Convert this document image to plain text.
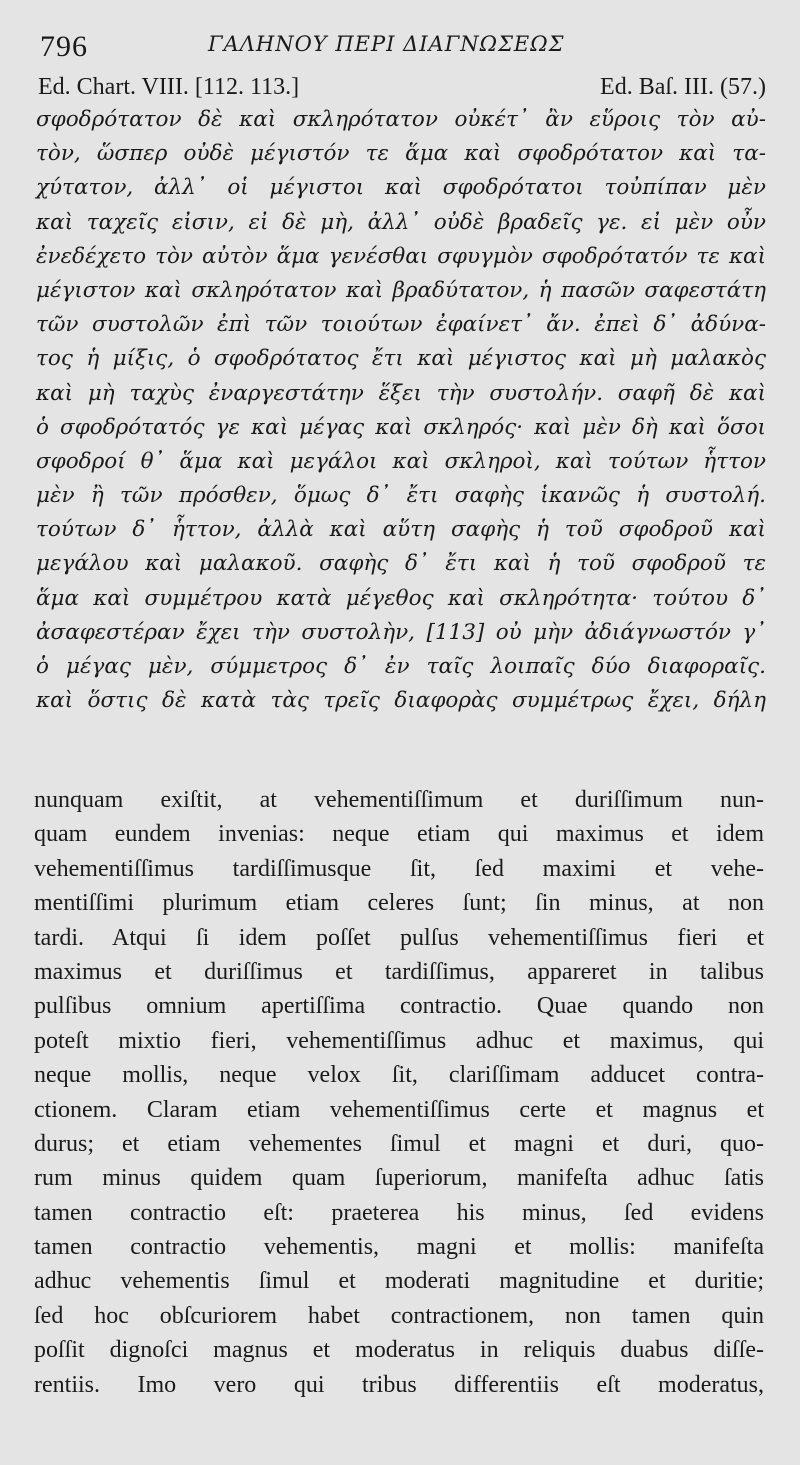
796	ΓΑΛΗΝΟΥ ΠΕΡΙ ΔΙΑΓΝΩΣΕΩΣ
Ed. Chart. VIII. [112. 113.]	Ed. Baſ. III. (57.)
σφοδρότατον δὲ καὶ σκληρότατον οὐκέτ᾽ ἂν εὕροις τὸν αὐ-
τὸν, ὥσπερ οὐδὲ μέγιστόν τε ἅμα καὶ σφοδρότατον καὶ τα-
χύτατον, ἀλλ᾽ οἱ μέγιστοι καὶ σφοδρότατοι τοὐπίπαν μὲν
καὶ ταχεῖς εἰσιν, εἰ δὲ μὴ, ἀλλ᾽ οὐδὲ βραδεῖς γε. εἰ μὲν οὖν
ἐνεδέχετο τὸν αὐτὸν ἅμα γενέσθαι σφυγμὸν σφοδρότατόν τε καὶ
μέγιστον καὶ σκληρότατον καὶ βραδύτατον, ἡ πασῶν σαφεστάτη
τῶν συστολῶν ἐπὶ τῶν τοιούτων ἐφαίνετ᾽ ἄν. ἐπεὶ δ᾽ ἀδύνα-
τος ἡ μίξις, ὁ σφοδρότατος ἔτι καὶ μέγιστος καὶ μὴ μαλακὸς
καὶ μὴ ταχὺς ἐναργεστάτην ἕξει τὴν συστολήν. σαφῆ δὲ καὶ
ὁ σφοδρότατός γε καὶ μέγας καὶ σκληρός· καὶ μὲν δὴ καὶ ὅσοι
σφοδροί θ᾽ ἅμα καὶ μεγάλοι καὶ σκληροὶ, καὶ τούτων ἧττον
μὲν ἢ τῶν πρόσθεν, ὅμως δ᾽ ἔτι σαφὴς ἱκανῶς ἡ συστολή.
τούτων δ᾽ ἧττον, ἀλλὰ καὶ αὕτη σαφὴς ἡ τοῦ σφοδροῦ καὶ
μεγάλου καὶ μαλακοῦ. σαφὴς δ᾽ ἔτι καὶ ἡ τοῦ σφοδροῦ τε
ἅμα καὶ συμμέτρου κατὰ μέγεθος καὶ σκληρότητα· τούτου δ᾽
ἀσαφεστέραν ἔχει τὴν συστολὴν, [113] οὐ μὴν ἀδιάγνωστόν γ᾽
ὁ μέγας μὲν, σύμμετρος δ᾽ ἐν ταῖς λοιπαῖς δύο διαφοραῖς.
καὶ ὅστις δὲ κατὰ τὰς τρεῖς διαφορὰς συμμέτρως ἔχει, δήλη
nunquam exiſtit, at vehementiſſimum et duriſſimum nun-
quam eundem invenias: neque etiam qui maximus et idem
vehementiſſimus tardiſſimusque ſit, ſed maximi et vehe-
mentiſſimi plurimum etiam celeres ſunt; ſin minus, at non
tardi. Atqui ſi idem poſſet pulſus vehementiſſimus fieri et
maximus et duriſſimus et tardiſſimus, appareret in talibus
pulſibus omnium apertiſſima contractio. Quae quando non
poteſt mixtio fieri, vehementiſſimus adhuc et maximus, qui
neque mollis, neque velox ſit, clariſſimam adducet contra-
ctionem. Claram etiam vehementiſſimus certe et magnus et
durus; et etiam vehementes ſimul et magni et duri, quo-
rum minus quidem quam ſuperiorum, manifeſta adhuc ſatis
tamen contractio eſt: praeterea his minus, ſed evidens
tamen contractio vehementis, magni et mollis: manifeſta
adhuc vehementis ſimul et moderati magnitudine et duritie;
ſed hoc obſcuriorem habet contractionem, non tamen quin
poſſit dignoſci magnus et moderatus in reliquis duabus diſſe-
rentiis. Imo vero qui tribus differentiis eſt moderatus,
